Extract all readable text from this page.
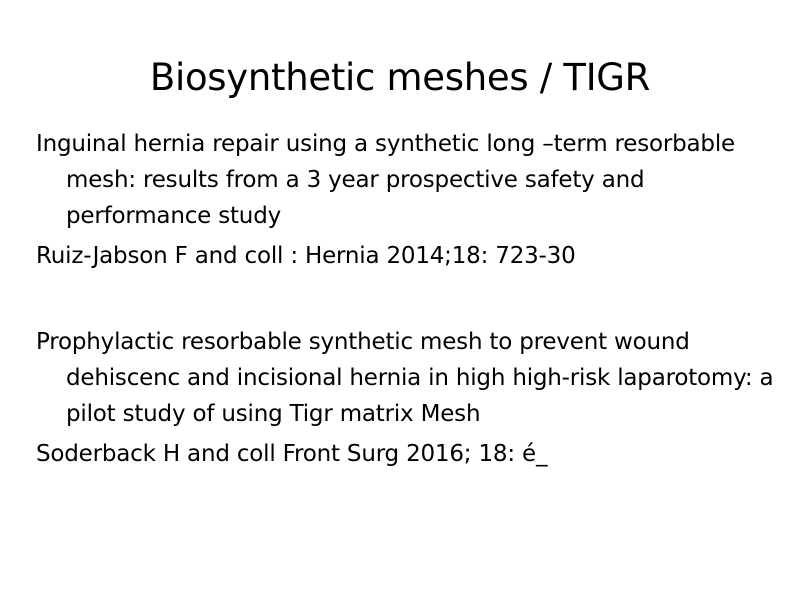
Biosynthetic meshes / TIGR

Inguinal hernia repair using a synthetic long –term resorbable mesh: results from a 3 year prospective safety and performance study

Ruiz-Jabson F and coll : Hernia 2014;18: 723-30

Prophylactic resorbable synthetic mesh to prevent wound dehiscenc and incisional hernia in high high-risk laparotomy: a pilot study of using Tigr matrix Mesh

Soderback H and coll Front Surg 2016; 18: é_
